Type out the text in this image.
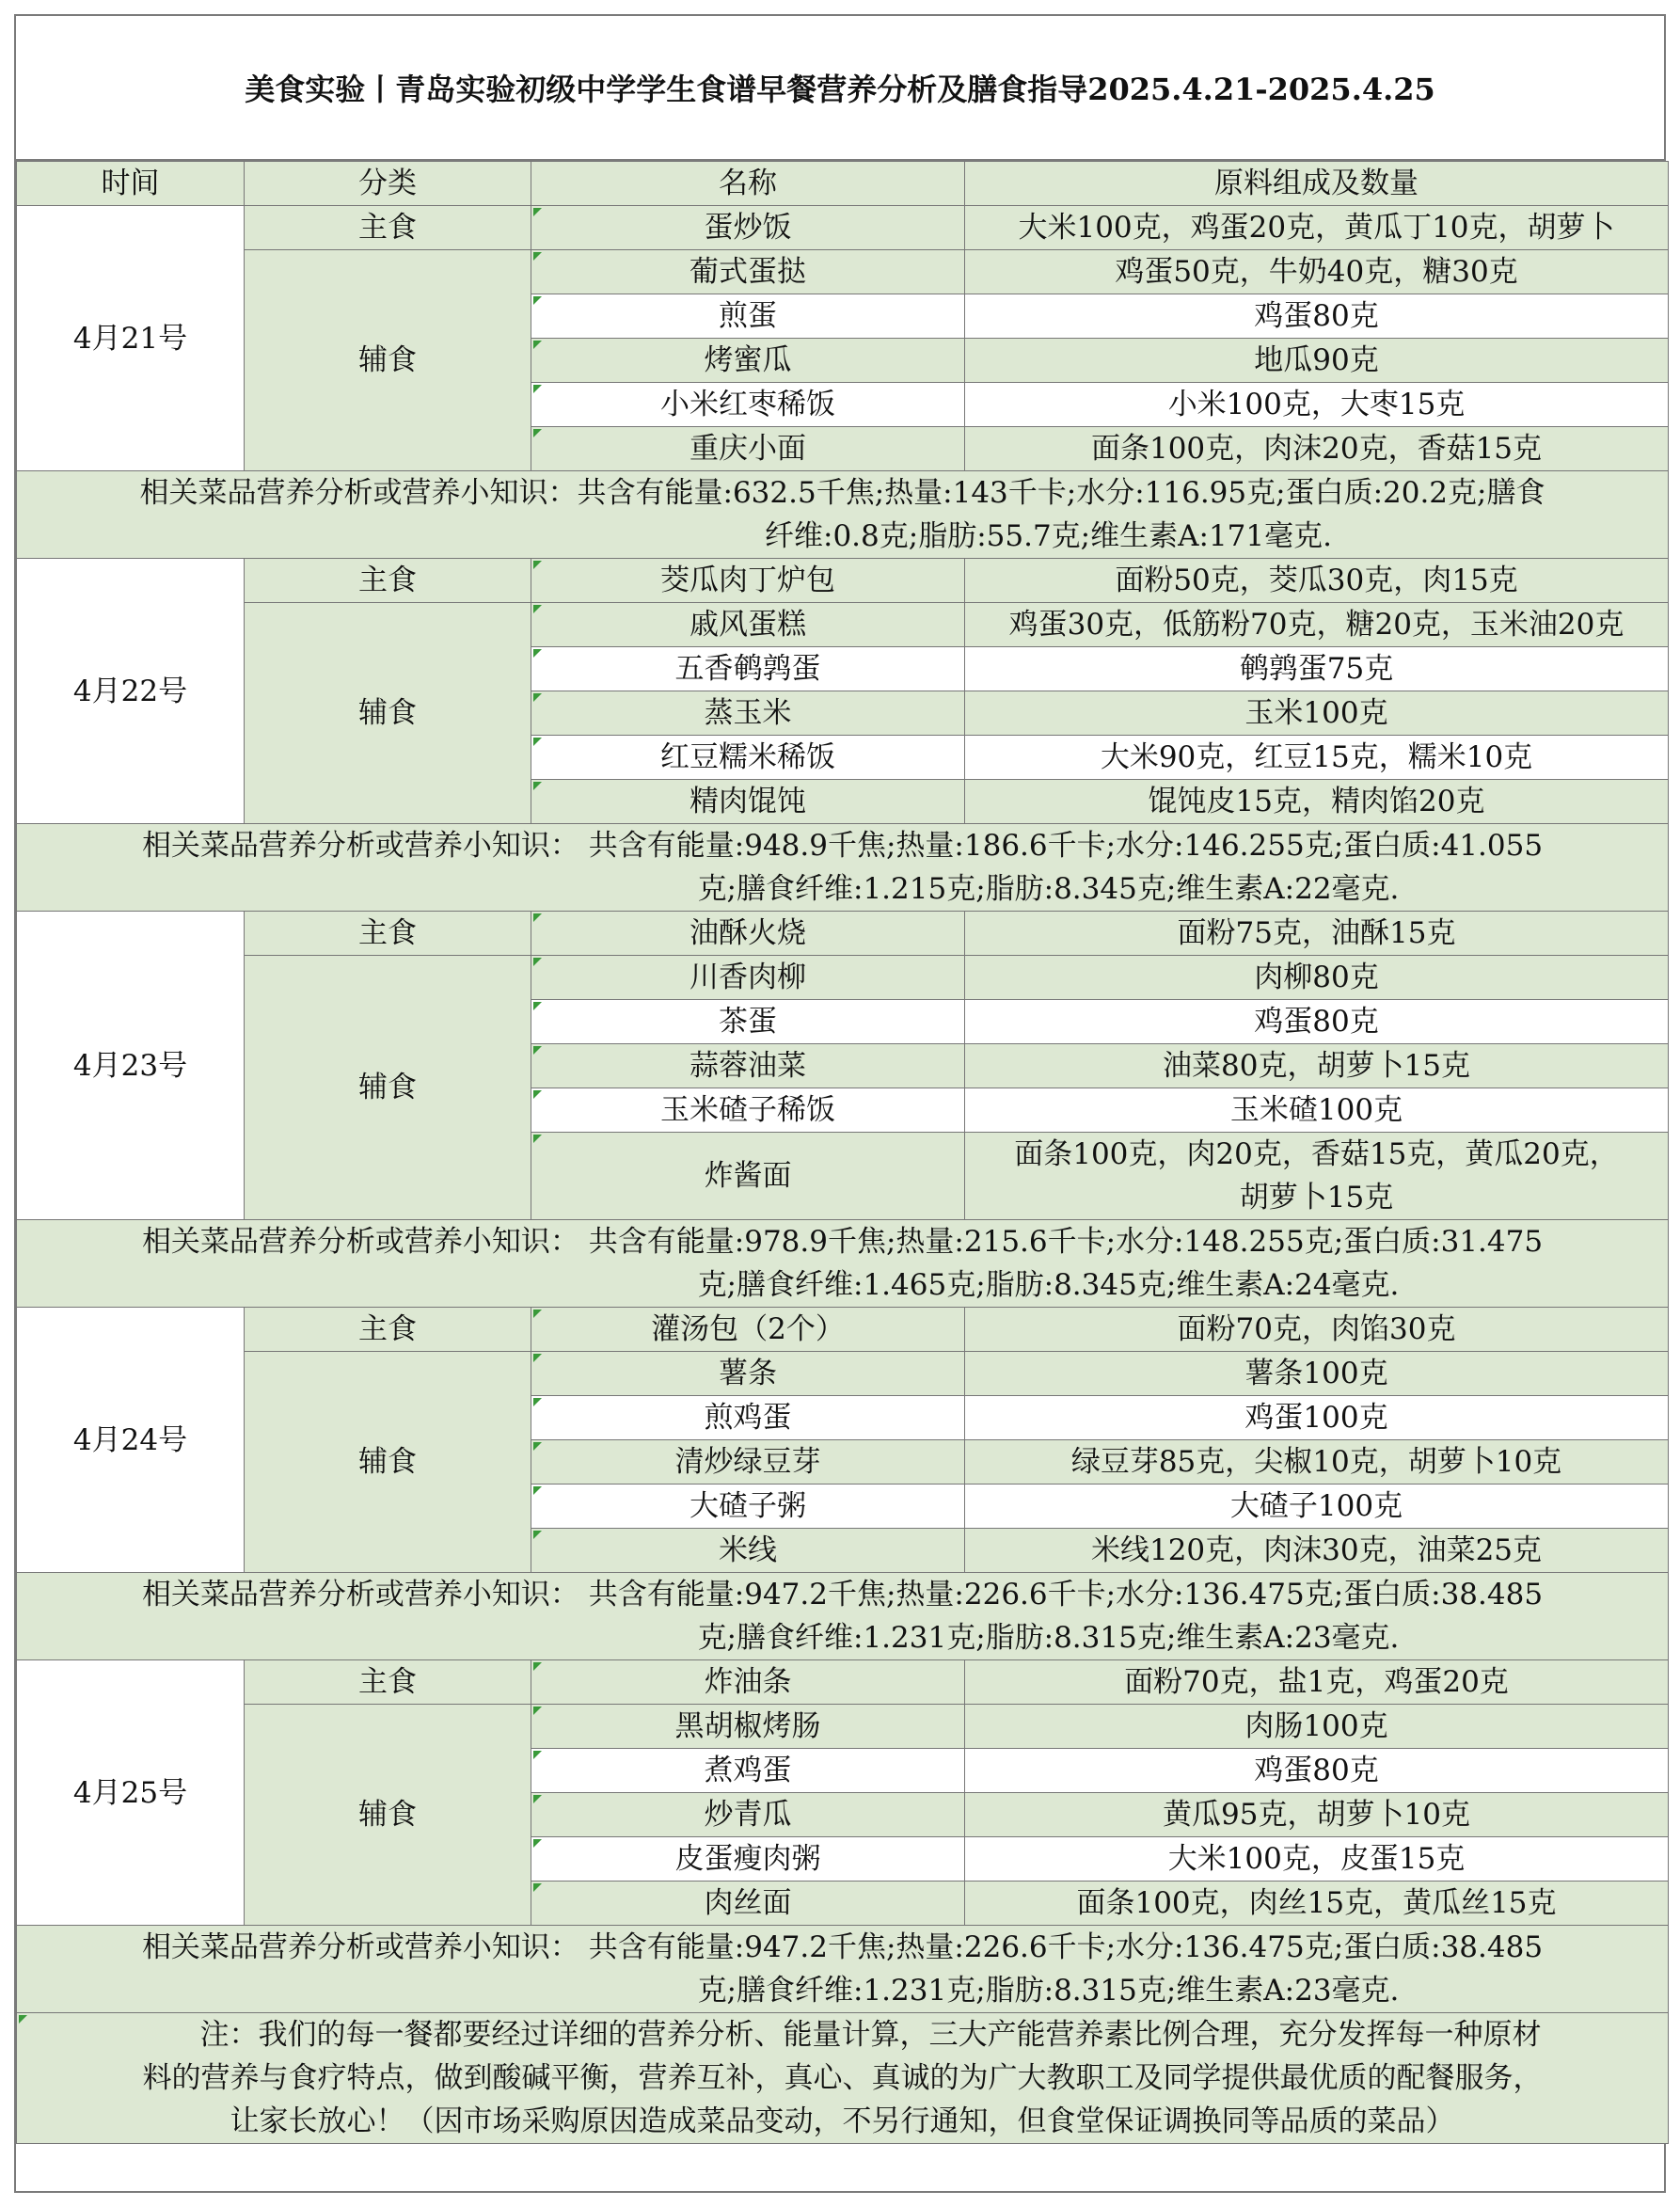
美食实验丨青岛实验初级中学学生食谱早餐营养分析及膳食指导2025.4.21-2025.4.25
时间	分类	名称	原料组成及数量
4月21号	主食	蛋炒饭	大米100克，鸡蛋20克，黄瓜丁10克，胡萝卜

	辅食	葡式蛋挞	鸡蛋50克，牛奶40克，糖30克

煎蛋	鸡蛋80克

烤蜜瓜	地瓜90克

小米红枣稀饭	小米100克，大枣15克

重庆小面	面条100克，肉沫20克，香菇15克

相关菜品营养分析或营养小知识：共含有能量:632.5千焦;热量:143千卡;水分:116.95克;蛋白质:20.2克;膳食
纤维:0.8克;脂肪:55.7克;维生素A:171毫克.			

4月22号	主食	茭瓜肉丁炉包	面粉50克，茭瓜30克，肉15克

	辅食	戚风蛋糕	鸡蛋30克，低筋粉70克，糖20克，玉米油20克

五香鹌鹑蛋	鹌鹑蛋75克

蒸玉米	玉米100克

红豆糯米稀饭	大米90克，红豆15克，糯米10克

精肉馄饨	馄饨皮15克，精肉馅20克

相关菜品营养分析或营养小知识： 共含有能量:948.9千焦;热量:186.6千卡;水分:146.255克;蛋白质:41.055
克;膳食纤维:1.215克;脂肪:8.345克;维生素A:22毫克.			

4月23号	主食	油酥火烧	面粉75克，油酥15克

	辅食	川香肉柳	肉柳80克

茶蛋	鸡蛋80克

蒜蓉油菜	油菜80克，胡萝卜15克

玉米碴子稀饭	玉米碴100克

炸酱面	面条100克，肉20克，香菇15克，黄瓜20克，
胡萝卜15克

相关菜品营养分析或营养小知识： 共含有能量:978.9千焦;热量:215.6千卡;水分:148.255克;蛋白质:31.475
克;膳食纤维:1.465克;脂肪:8.345克;维生素A:24毫克.			

4月24号	主食	灌汤包（2个）	面粉70克，肉馅30克

	辅食	薯条	薯条100克

煎鸡蛋	鸡蛋100克

清炒绿豆芽	绿豆芽85克，尖椒10克，胡萝卜10克

大碴子粥	大碴子100克

米线	米线120克，肉沫30克，油菜25克

相关菜品营养分析或营养小知识： 共含有能量:947.2千焦;热量:226.6千卡;水分:136.475克;蛋白质:38.485
克;膳食纤维:1.231克;脂肪:8.315克;维生素A:23毫克.			

4月25号	主食	炸油条	面粉70克，盐1克，鸡蛋20克

	辅食	黑胡椒烤肠	肉肠100克

煮鸡蛋	鸡蛋80克

炒青瓜	黄瓜95克，胡萝卜10克

皮蛋瘦肉粥	大米100克，皮蛋15克

肉丝面	面条100克，肉丝15克，黄瓜丝15克

相关菜品营养分析或营养小知识： 共含有能量:947.2千焦;热量:226.6千卡;水分:136.475克;蛋白质:38.485
克;膳食纤维:1.231克;脂肪:8.315克;维生素A:23毫克.			

注：我们的每一餐都要经过详细的营养分析、能量计算，三大产能营养素比例合理，充分发挥每一种原材
料的营养与食疗特点，做到酸碱平衡，营养互补，真心、真诚的为广大教职工及同学提供最优质的配餐服务，
让家长放心！（因市场采购原因造成菜品变动，不另行通知，但食堂保证调换同等品质的菜品）			
